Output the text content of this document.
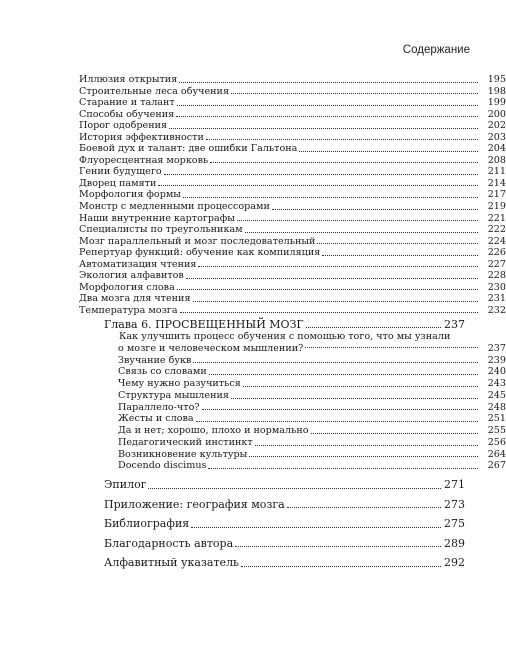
Содержание
Иллюзия открытия	195
Строительные леса обучения	198
Старание и талант	199
Способы обучения	200
Порог одобрения	202
История эффективности	203
Боевой дух и талант: две ошибки Гальтона	204
Флуоресцентная морковь	208
Гении будущего	211
Дворец памяти	214
Морфология формы	217
Монстр с медленными процессорами	219
Наши внутренние картографы	221
Специалисты по треугольникам	222
Мозг параллельный и мозг последовательный	224
Репертуар функций: обучение как компиляция	226
Автоматизация чтения	227
Экология алфавитов	228
Морфология слова	230
Два мозга для чтения	231
Температура мозга	232
Глава 6. ПРОСВЕЩЕННЫЙ МОЗГ	237
Как улучшить процесс обучения с помощью того, что мы узнали
о мозге и человеческом мышлении?	237
Звучание букв	239
Связь со словами	240
Чему нужно разучиться	243
Структура мышления	245
Параллело-что?	248
Жесты и слова	251
Да и нет; хорошо, плохо и нормально	255
Педагогический инстинкт	256
Возникновение культуры	264
Docendo discimus	267
Эпилог	271
Приложение: география мозга	273
Библиография	275
Благодарность автора	289
Алфавитный указатель	292
